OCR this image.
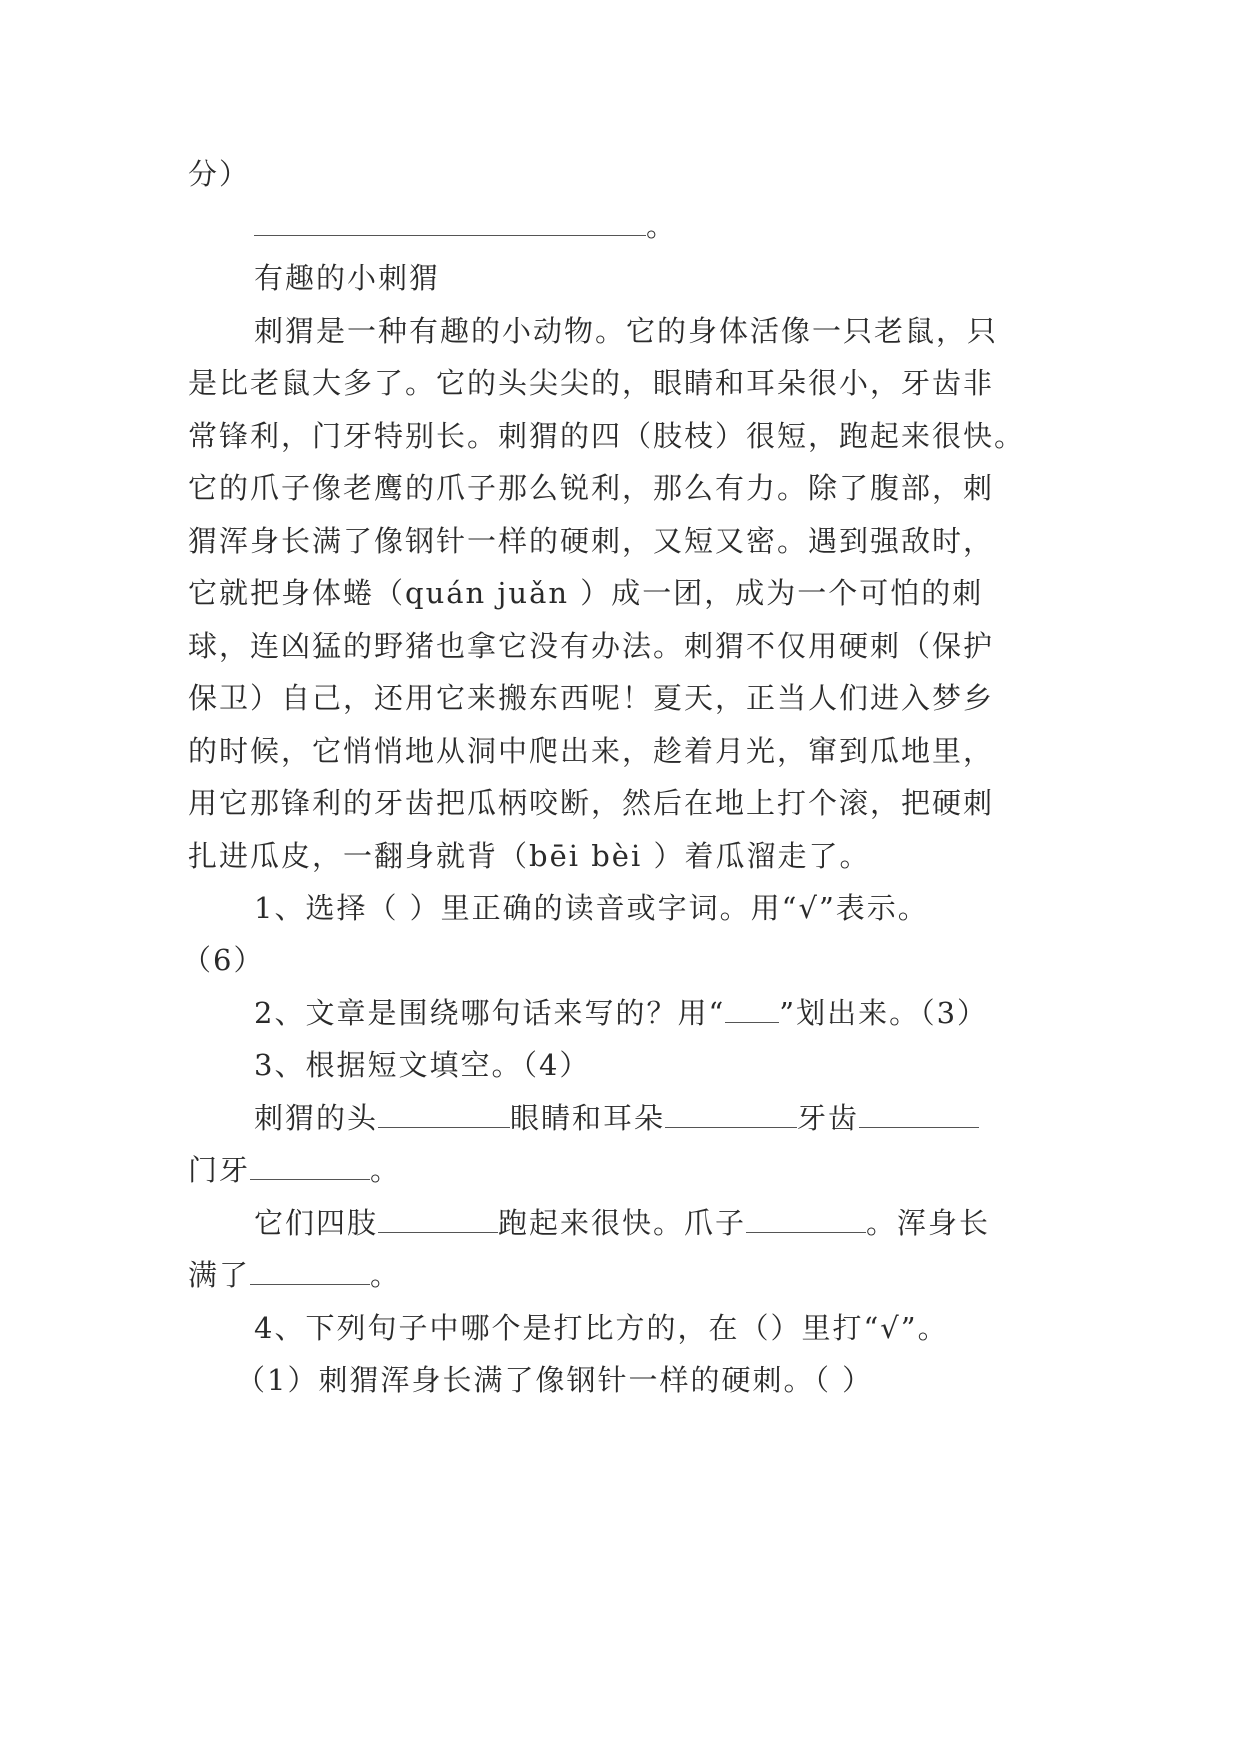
分）
。
有趣的小刺猬
刺猬是一种有趣的小动物。它的身体活像一只老鼠，只
是比老鼠大多了。它的头尖尖的，眼睛和耳朵很小，牙齿非
常锋利，门牙特别长。刺猬的四（肢枝）很短，跑起来很快。
它的爪子像老鹰的爪子那么锐利，那么有力。除了腹部，刺
猬浑身长满了像钢针一样的硬刺，又短又密。遇到强敌时，
它就把身体蜷（quán juǎn ）成一团，成为一个可怕的刺
球，连凶猛的野猪也拿它没有办法。刺猬不仅用硬刺（保护
保卫）自己，还用它来搬东西呢！夏天，正当人们进入梦乡
的时候，它悄悄地从洞中爬出来，趁着月光，窜到瓜地里，
用它那锋利的牙齿把瓜柄咬断，然后在地上打个滚，把硬刺
扎进瓜皮，一翻身就背（bēi bèi ）着瓜溜走了。
1、选择（ ）里正确的读音或字词。用“√”表示。
（6）
2、文章是围绕哪句话来写的？用“ ”划出来。（3）
3、根据短文填空。（4）
刺猬的头	眼睛和耳朵	牙齿
门牙	。
它们四肢	跑起来很快。爪子	。浑身长
满了	。
4、下列句子中哪个是打比方的，在（）里打“√”。
（1）刺猬浑身长满了像钢针一样的硬刺。（ ）
